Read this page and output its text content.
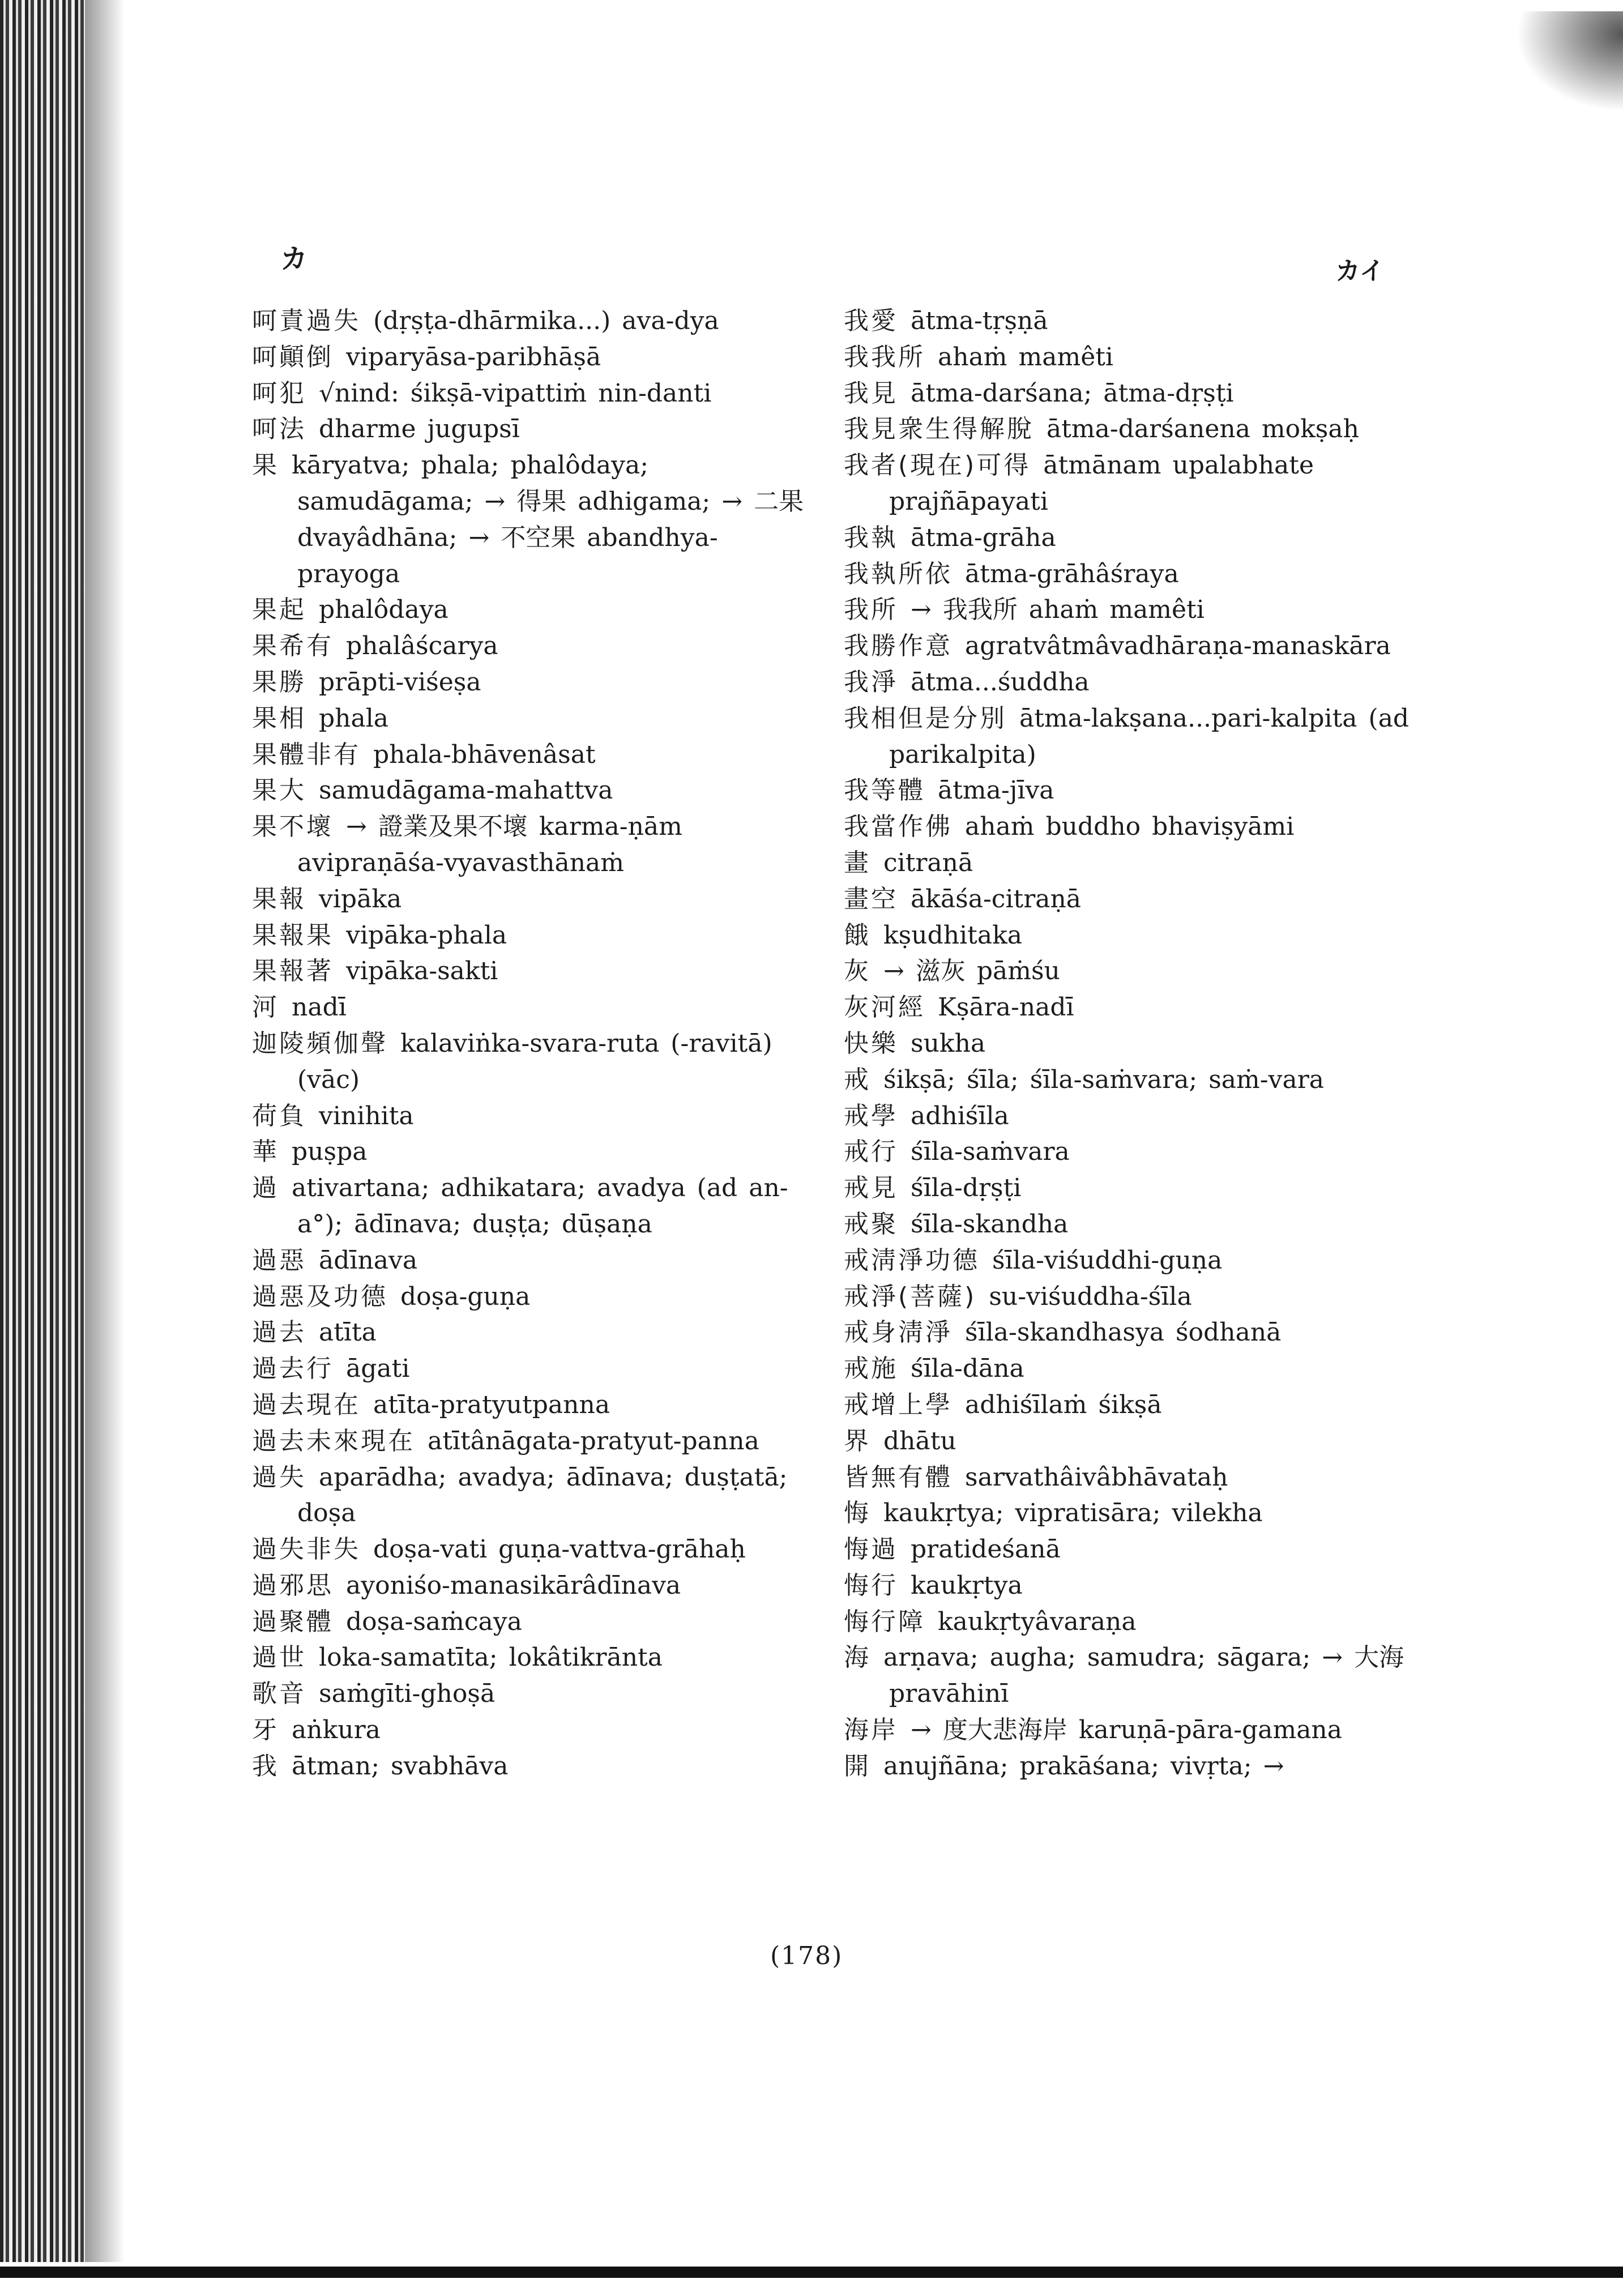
カ	カイ

呵責過失 (dṛṣṭa-dhārmika...) ava-dya

呵顚倒 viparyāsa-paribhāṣā

呵犯 √nind: śikṣā-vipattiṁ nin-danti

呵法 dharme jugupsī

果 kāryatva; phala; phalôdaya; samudāgama; → 得果 adhigama; → 二果 dvayâdhāna; → 不空果 abandhya-prayoga

果起 phalôdaya

果希有 phalâścarya

果勝 prāpti-viśeṣa

果相 phala

果體非有 phala-bhāvenâsat

果大 samudāgama-mahattva

果不壞 → 證業及果不壞 karma-ṇām avipraṇāśa-vyavasthānaṁ

果報 vipāka

果報果 vipāka-phala

果報著 vipāka-sakti

河 nadī

迦陵頻伽聲 kalaviṅka-svara-ruta (-ravitā) (vāc)

荷負 vinihita

華 puṣpa

過 ativartana; adhikatara; avadya (ad an-a°); ādīnava; duṣṭa; dūṣaṇa

過惡 ādīnava

過惡及功德 doṣa-guṇa

過去 atīta

過去行 āgati

過去現在 atīta-pratyutpanna

過去未來現在 atītânāgata-pratyut-panna

過失 aparādha; avadya; ādīnava; duṣṭatā; doṣa

過失非失 doṣa-vati guṇa-vattva-grāhaḥ

過邪思 ayoniśo-manasikārâdīnava

過聚體 doṣa-saṁcaya

過世 loka-samatīta; lokâtikrānta

歌音 saṁgīti-ghoṣā

牙 aṅkura

我 ātman; svabhāva

我愛 ātma-tṛṣṇā

我我所 ahaṁ mamêti

我見 ātma-darśana; ātma-dṛṣṭi

我見衆生得解脫 ātma-darśanena mokṣaḥ

我者(現在)可得 ātmānam upalabhate prajñāpayati

我執 ātma-grāha

我執所依 ātma-grāhâśraya

我所 → 我我所 ahaṁ mamêti

我勝作意 agratvâtmâvadhāraṇa-manaskāra

我淨 ātma...śuddha

我相但是分別 ātma-lakṣana...pari-kalpita (ad parikalpita)

我等體 ātma-jīva

我當作佛 ahaṁ buddho bhaviṣyāmi

畫 citraṇā

畫空 ākāśa-citraṇā

餓 kṣudhitaka

灰 → 滋灰 pāṁśu

灰河經 Kṣāra-nadī

快樂 sukha

戒 śikṣā; śīla; śīla-saṁvara; saṁ-vara

戒學 adhiśīla

戒行 śīla-saṁvara

戒見 śīla-dṛṣṭi

戒聚 śīla-skandha

戒淸淨功德 śīla-viśuddhi-guṇa

戒淨(菩薩) su-viśuddha-śīla

戒身淸淨 śīla-skandhasya śodhanā

戒施 śīla-dāna

戒增上學 adhiśīlaṁ śikṣā

界 dhātu

皆無有體 sarvathâivâbhāvataḥ

悔 kaukṛtya; vipratisāra; vilekha

悔過 pratideśanā

悔行 kaukṛtya

悔行障 kaukṛtyâvaraṇa

海 arṇava; augha; samudra; sāgara; → 大海 pravāhinī

海岸 → 度大悲海岸 karuṇā-pāra-gamana

開 anujñāna; prakāśana; vivṛta; →

(178)
